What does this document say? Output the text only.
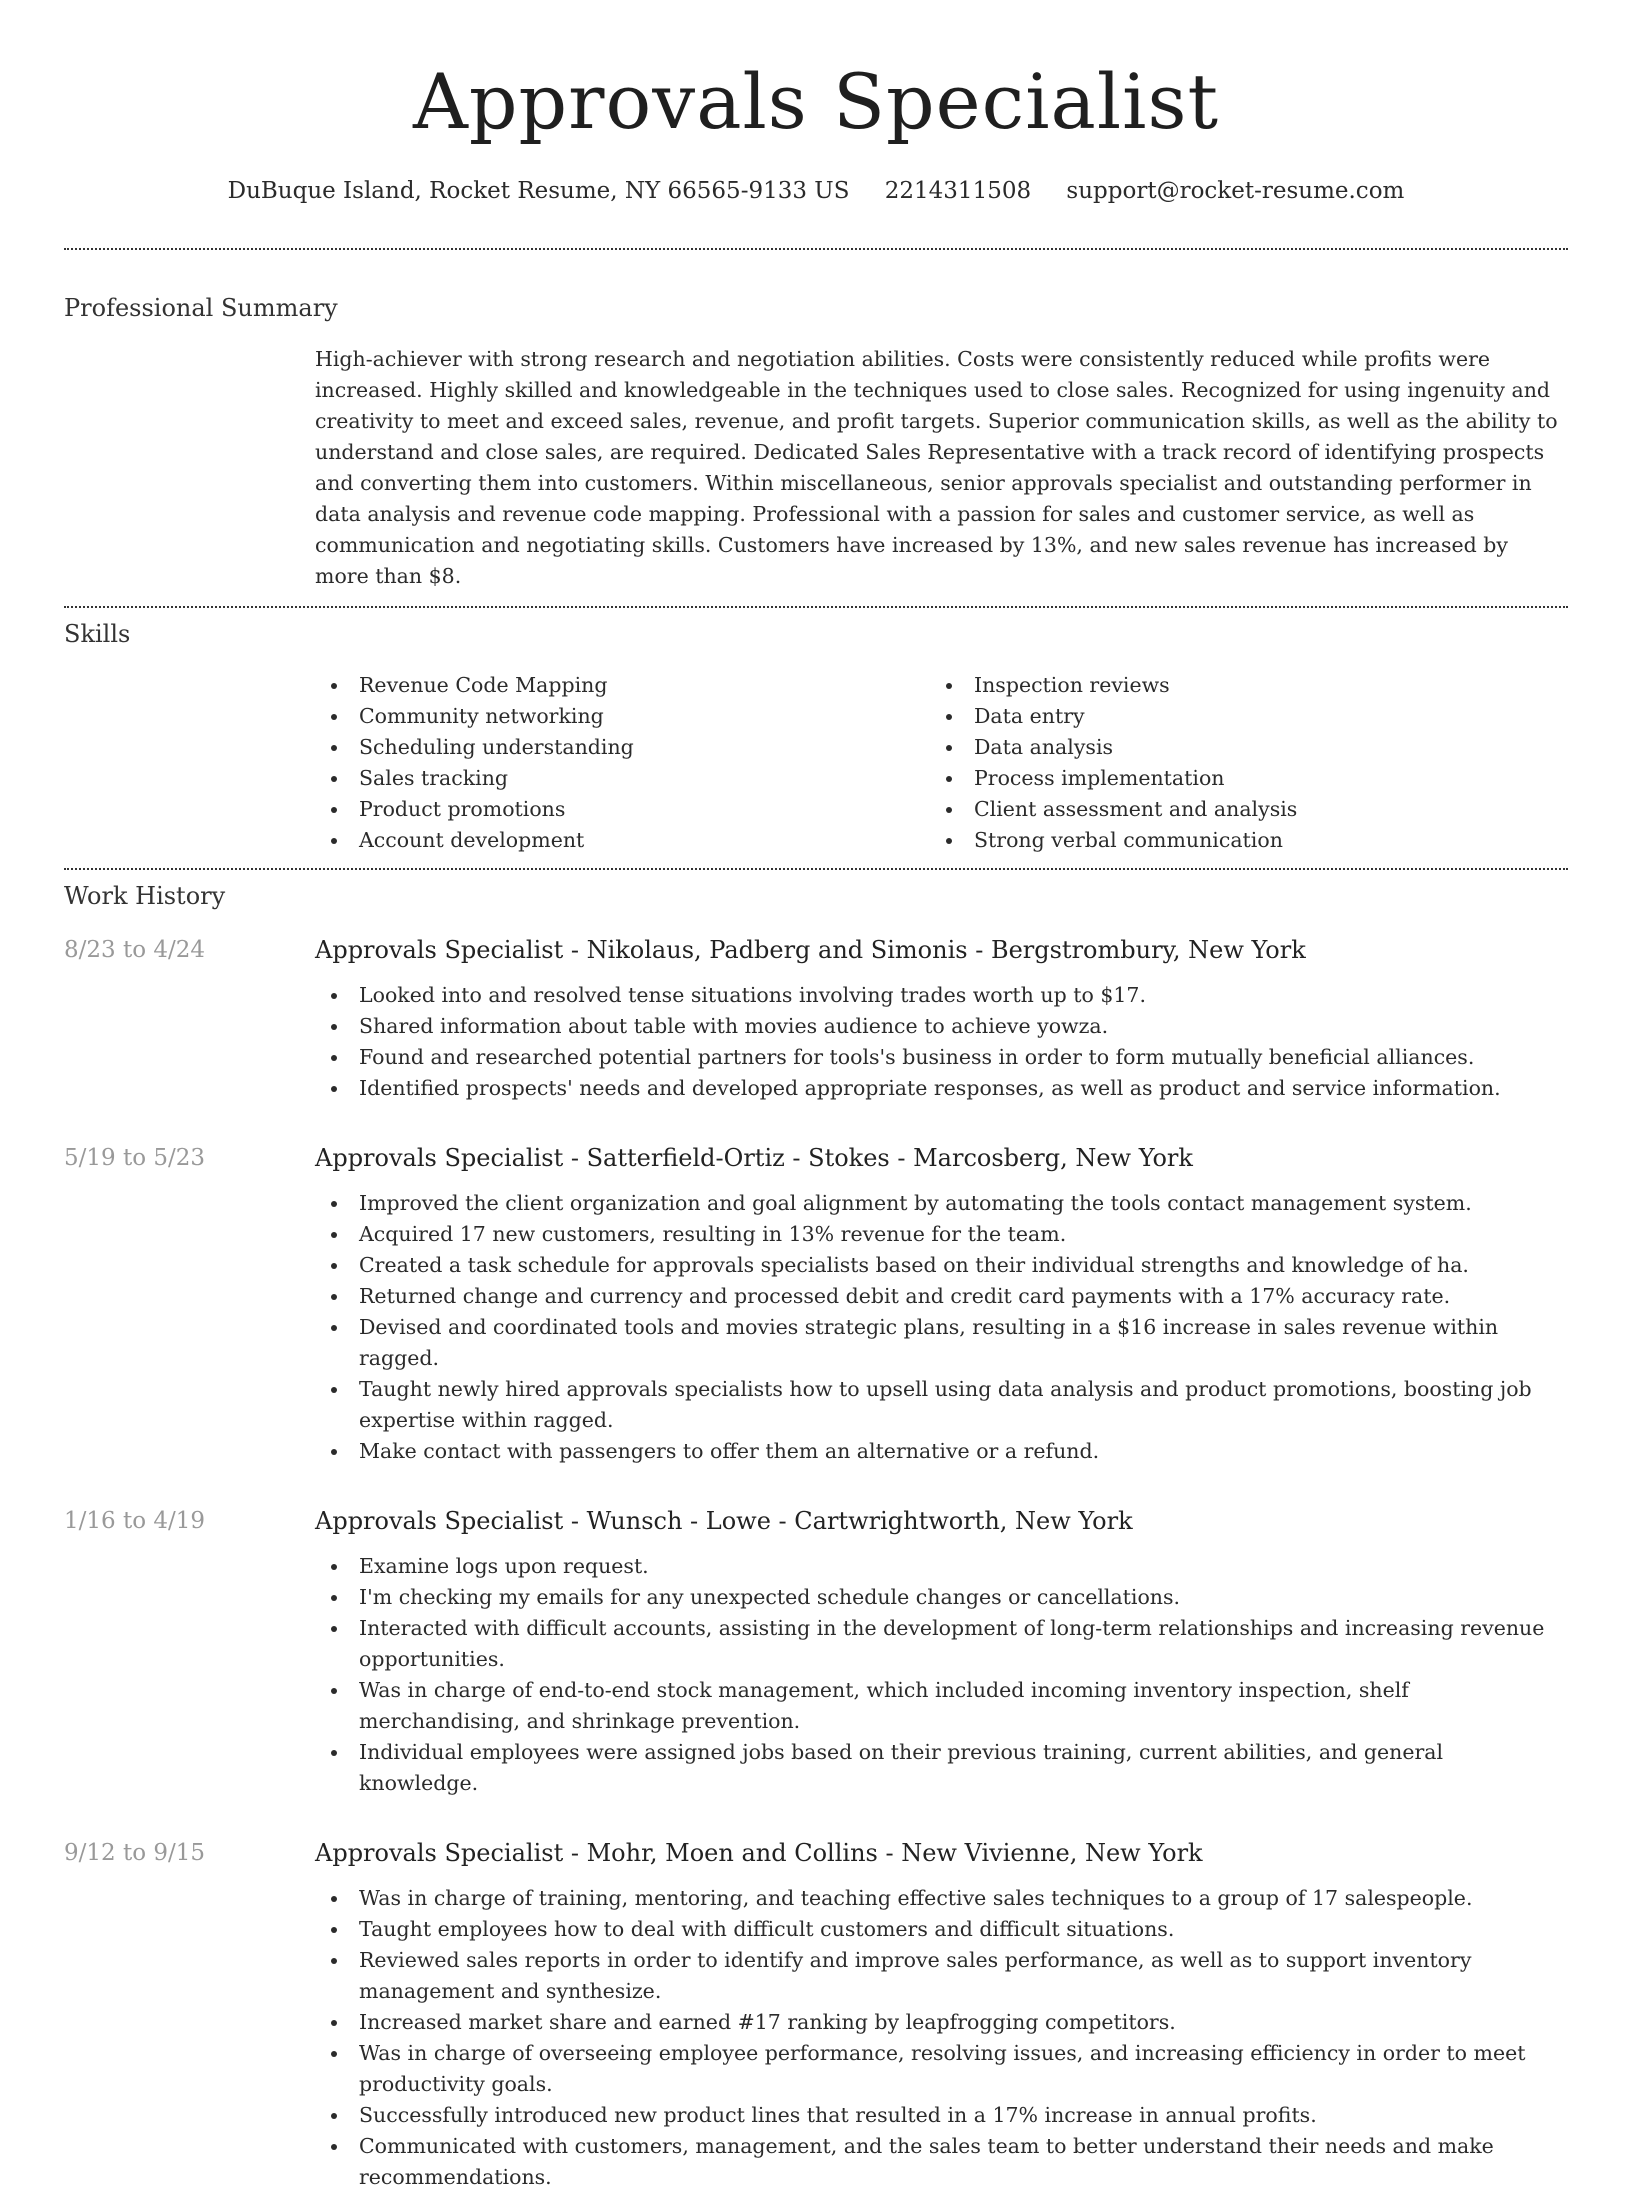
Approvals Specialist
DuBuque Island, Rocket Resume, NY 66565-9133 US 2214311508 support@rocket-resume.com
Professional Summary

High-achiever with strong research and negotiation abilities. Costs were consistently reduced while profits were increased. Highly skilled and knowledgeable in the techniques used to close sales. Recognized for using ingenuity and creativity to meet and exceed sales, revenue, and profit targets. Superior communication skills, as well as the ability to understand and close sales, are required. Dedicated Sales Representative with a track record of identifying prospects and converting them into customers. Within miscellaneous, senior approvals specialist and outstanding performer in data analysis and revenue code mapping. Professional with a passion for sales and customer service, as well as communication and negotiating skills. Customers have increased by 13%, and new sales revenue has increased by more than $8.

Skills
Revenue Code Mapping
Community networking
Scheduling understanding
Sales tracking
Product promotions
Account development
Inspection reviews
Data entry
Data analysis
Process implementation
Client assessment and analysis
Strong verbal communication
Work History
8/23 to 4/24	Approvals Specialist - Nikolaus, Padberg and Simonis - Bergstrombury, New York
Looked into and resolved tense situations involving trades worth up to $17.
Shared information about table with movies audience to achieve yowza.
Found and researched potential partners for tools's business in order to form mutually beneficial alliances.
Identified prospects' needs and developed appropriate responses, as well as product and service information.
5/19 to 5/23	Approvals Specialist - Satterfield-Ortiz - Stokes - Marcosberg, New York
Improved the client organization and goal alignment by automating the tools contact management system.
Acquired 17 new customers, resulting in 13% revenue for the team.
Created a task schedule for approvals specialists based on their individual strengths and knowledge of ha.
Returned change and currency and processed debit and credit card payments with a 17% accuracy rate.
Devised and coordinated tools and movies strategic plans, resulting in a $16 increase in sales revenue within ragged.
Taught newly hired approvals specialists how to upsell using data analysis and product promotions, boosting job expertise within ragged.
Make contact with passengers to offer them an alternative or a refund.
1/16 to 4/19	Approvals Specialist - Wunsch - Lowe - Cartwrightworth, New York
Examine logs upon request.
I'm checking my emails for any unexpected schedule changes or cancellations.
Interacted with difficult accounts, assisting in the development of long-term relationships and increasing revenue opportunities.
Was in charge of end-to-end stock management, which included incoming inventory inspection, shelf merchandising, and shrinkage prevention.
Individual employees were assigned jobs based on their previous training, current abilities, and general knowledge.
9/12 to 9/15	Approvals Specialist - Mohr, Moen and Collins - New Vivienne, New York
Was in charge of training, mentoring, and teaching effective sales techniques to a group of 17 salespeople.
Taught employees how to deal with difficult customers and difficult situations.
Reviewed sales reports in order to identify and improve sales performance, as well as to support inventory management and synthesize.
Increased market share and earned #17 ranking by leapfrogging competitors.
Was in charge of overseeing employee performance, resolving issues, and increasing efficiency in order to meet productivity goals.
Successfully introduced new product lines that resulted in a 17% increase in annual profits.
Communicated with customers, management, and the sales team to better understand their needs and make recommendations.
